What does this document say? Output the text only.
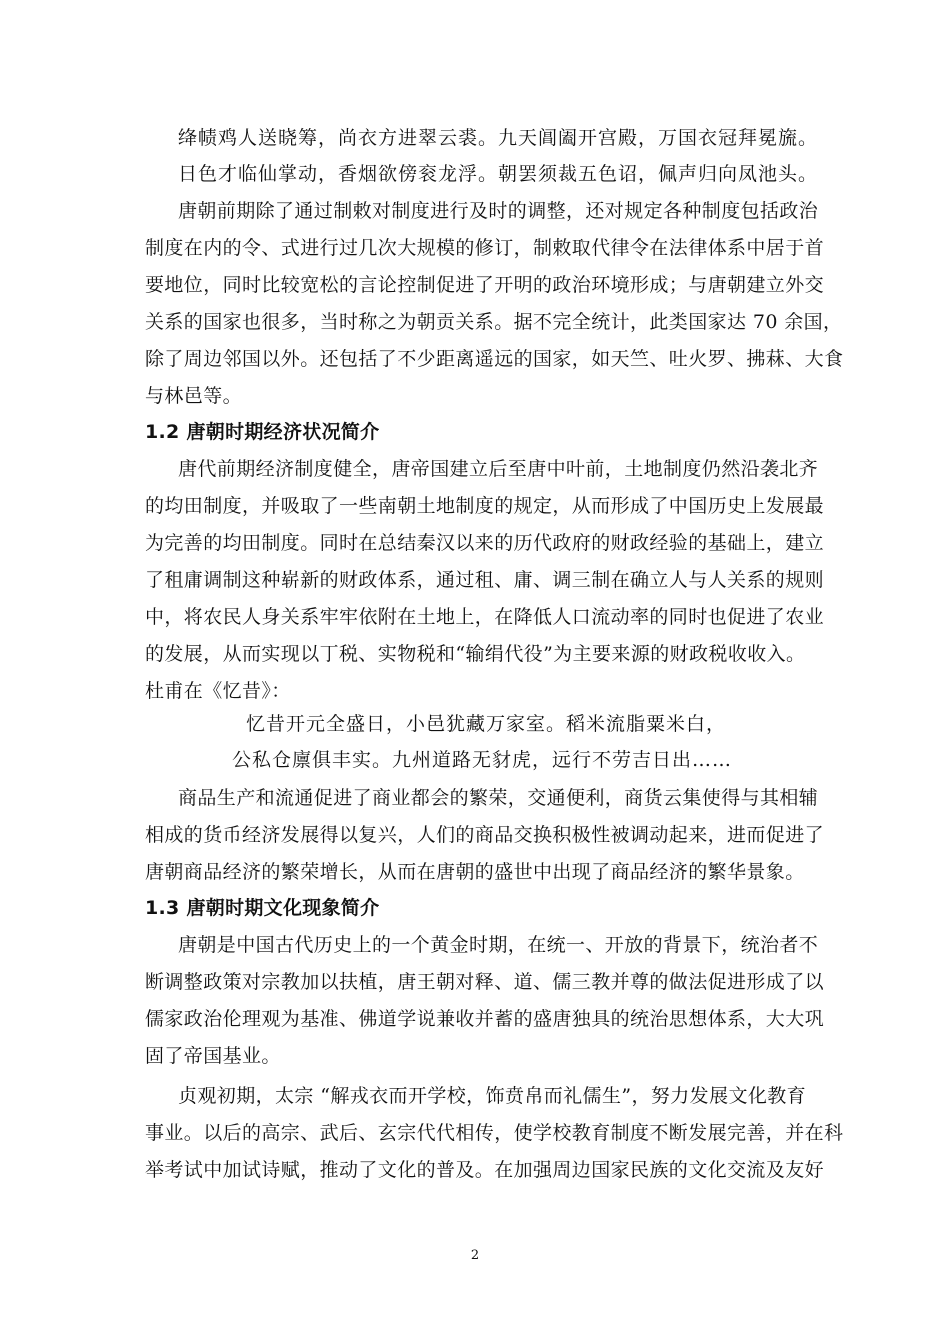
绛帻鸡人送晓筹，尚衣方进翠云裘。九天阊阖开宫殿，万国衣冠拜冕旒。
日色才临仙掌动，香烟欲傍衮龙浮。朝罢须裁五色诏，佩声归向凤池头。
唐朝前期除了通过制敕对制度进行及时的调整，还对规定各种制度包括政治
制度在内的令、式进行过几次大规模的修订，制敕取代律令在法律体系中居于首
要地位，同时比较宽松的言论控制促进了开明的政治环境形成；与唐朝建立外交
关系的国家也很多，当时称之为朝贡关系。据不完全统计，此类国家达 70 余国，
除了周边邻国以外。还包括了不少距离遥远的国家，如天竺、吐火罗、拂菻、大食
与林邑等。
1.2 唐朝时期经济状况简介
唐代前期经济制度健全，唐帝国建立后至唐中叶前，土地制度仍然沿袭北齐
的均田制度，并吸取了一些南朝土地制度的规定，从而形成了中国历史上发展最
为完善的均田制度。同时在总结秦汉以来的历代政府的财政经验的基础上，建立
了租庸调制这种崭新的财政体系，通过租、庸、调三制在确立人与人关系的规则
中，将农民人身关系牢牢依附在土地上，在降低人口流动率的同时也促进了农业
的发展，从而实现以丁税、实物税和“输绢代役”为主要来源的财政税收收入。
杜甫在《忆昔》：
忆昔开元全盛日，小邑犹藏万家室。稻米流脂粟米白，
公私仓廪俱丰实。九州道路无豺虎，远行不劳吉日出……
商品生产和流通促进了商业都会的繁荣，交通便利，商货云集使得与其相辅
相成的货币经济发展得以复兴，人们的商品交换积极性被调动起来，进而促进了
唐朝商品经济的繁荣增长，从而在唐朝的盛世中出现了商品经济的繁华景象。
1.3 唐朝时期文化现象简介
唐朝是中国古代历史上的一个黄金时期，在统一、开放的背景下，统治者不
断调整政策对宗教加以扶植，唐王朝对释、道、儒三教并尊的做法促进形成了以
儒家政治伦理观为基准、佛道学说兼收并蓄的盛唐独具的统治思想体系，大大巩
固了帝国基业。
贞观初期，太宗 “解戎衣而开学校，饰贲帛而礼儒生”，努力发展文化教育
事业。以后的高宗、武后、玄宗代代相传，使学校教育制度不断发展完善，并在科
举考试中加试诗赋，推动了文化的普及。在加强周边国家民族的文化交流及友好
2
